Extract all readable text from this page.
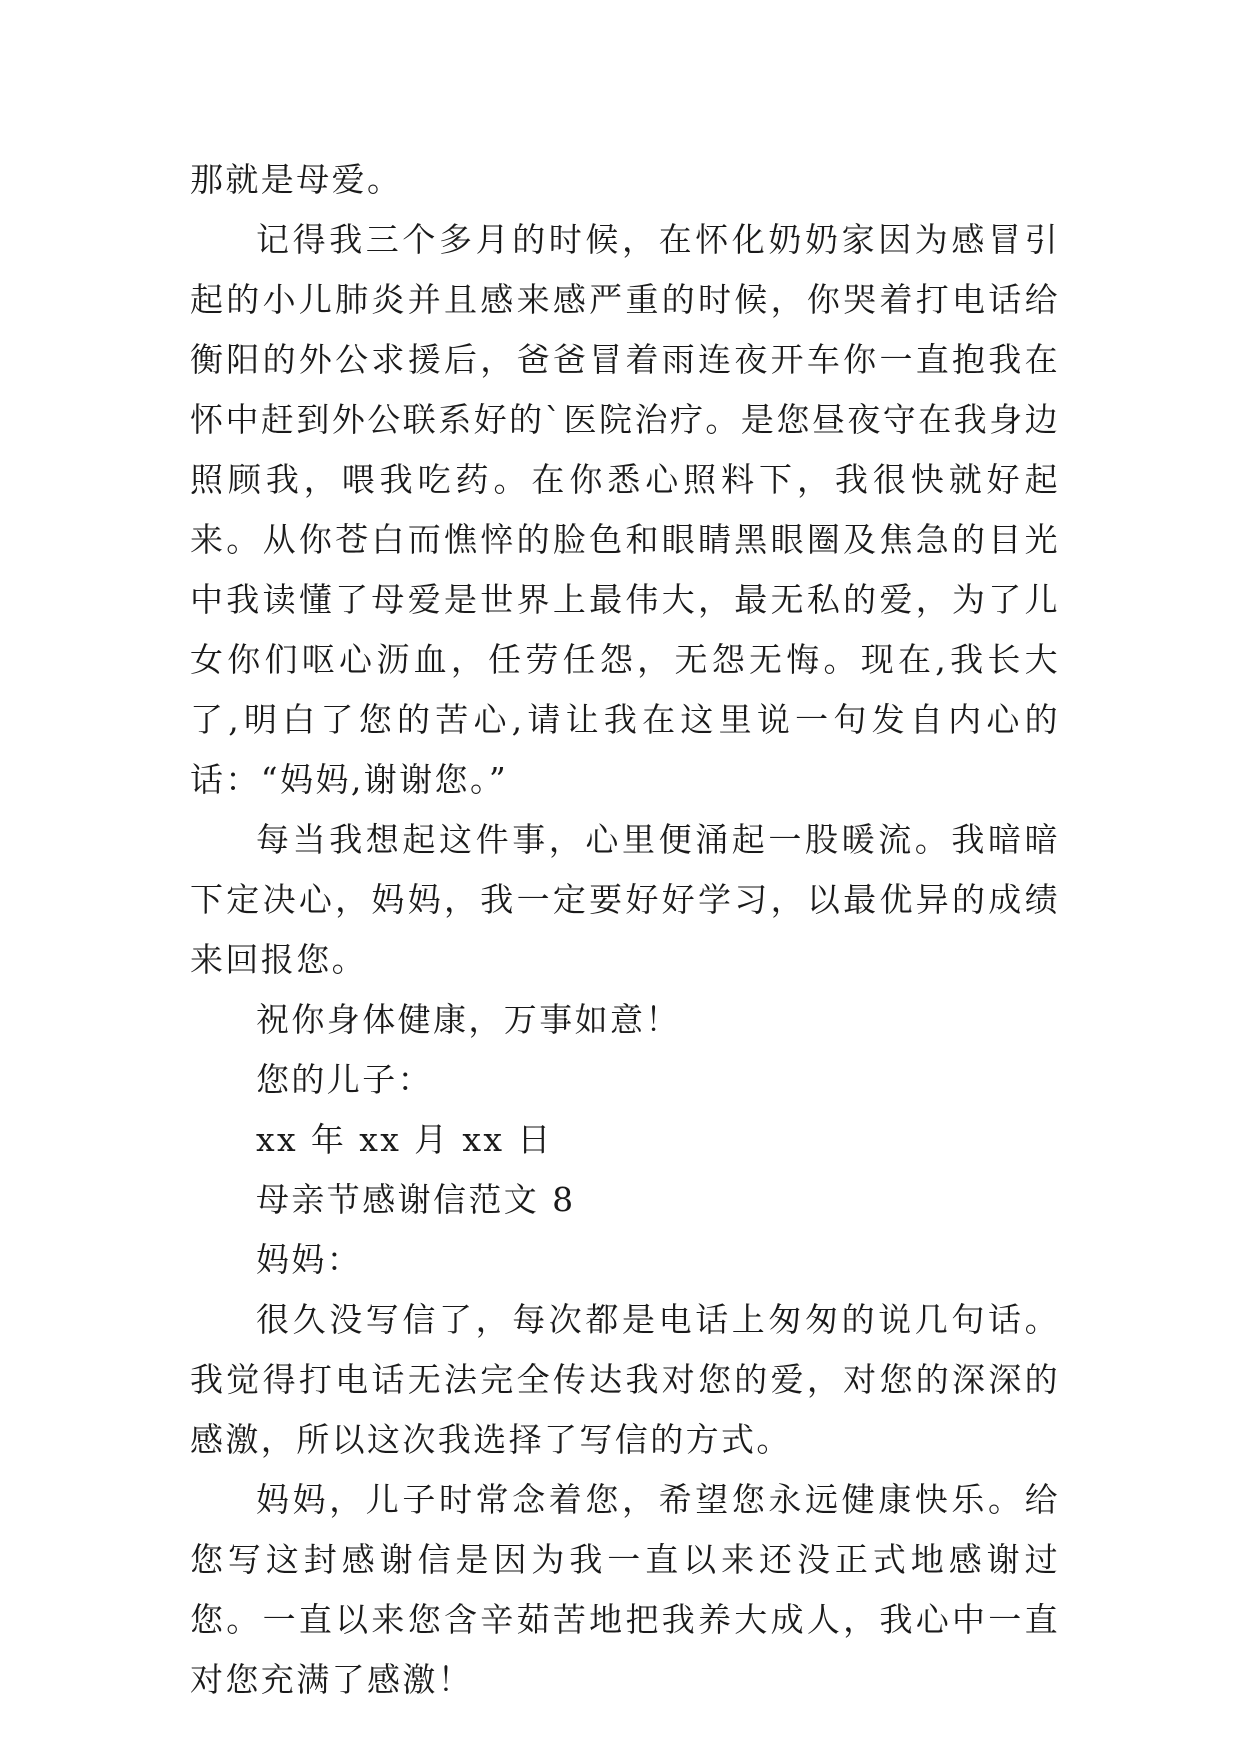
那就是母爱。

记得我三个多月的时候，在怀化奶奶家因为感冒引起的小儿肺炎并且感来感严重的时候，你哭着打电话给衡阳的外公求援后，爸爸冒着雨连夜开车你一直抱我在怀中赶到外公联系好的`医院治疗。是您昼夜守在我身边照顾我，喂我吃药。在你悉心照料下，我很快就好起来。从你苍白而憔悴的脸色和眼睛黑眼圈及焦急的目光中我读懂了母爱是世界上最伟大，最无私的爱，为了儿女你们呕心沥血，任劳任怨，无怨无悔。现在,我长大了,明白了您的苦心,请让我在这里说一句发自内心的话：“妈妈,谢谢您。”

每当我想起这件事，心里便涌起一股暖流。我暗暗下定决心，妈妈，我一定要好好学习，以最优异的成绩来回报您。

祝你身体健康，万事如意！

您的儿子：

xx 年 xx 月 xx 日

母亲节感谢信范文 8

妈妈：

很久没写信了，每次都是电话上匆匆的说几句话。我觉得打电话无法完全传达我对您的爱，对您的深深的感激，所以这次我选择了写信的方式。

妈妈，儿子时常念着您，希望您永远健康快乐。给您写这封感谢信是因为我一直以来还没正式地感谢过您。一直以来您含辛茹苦地把我养大成人，我心中一直对您充满了感激！
